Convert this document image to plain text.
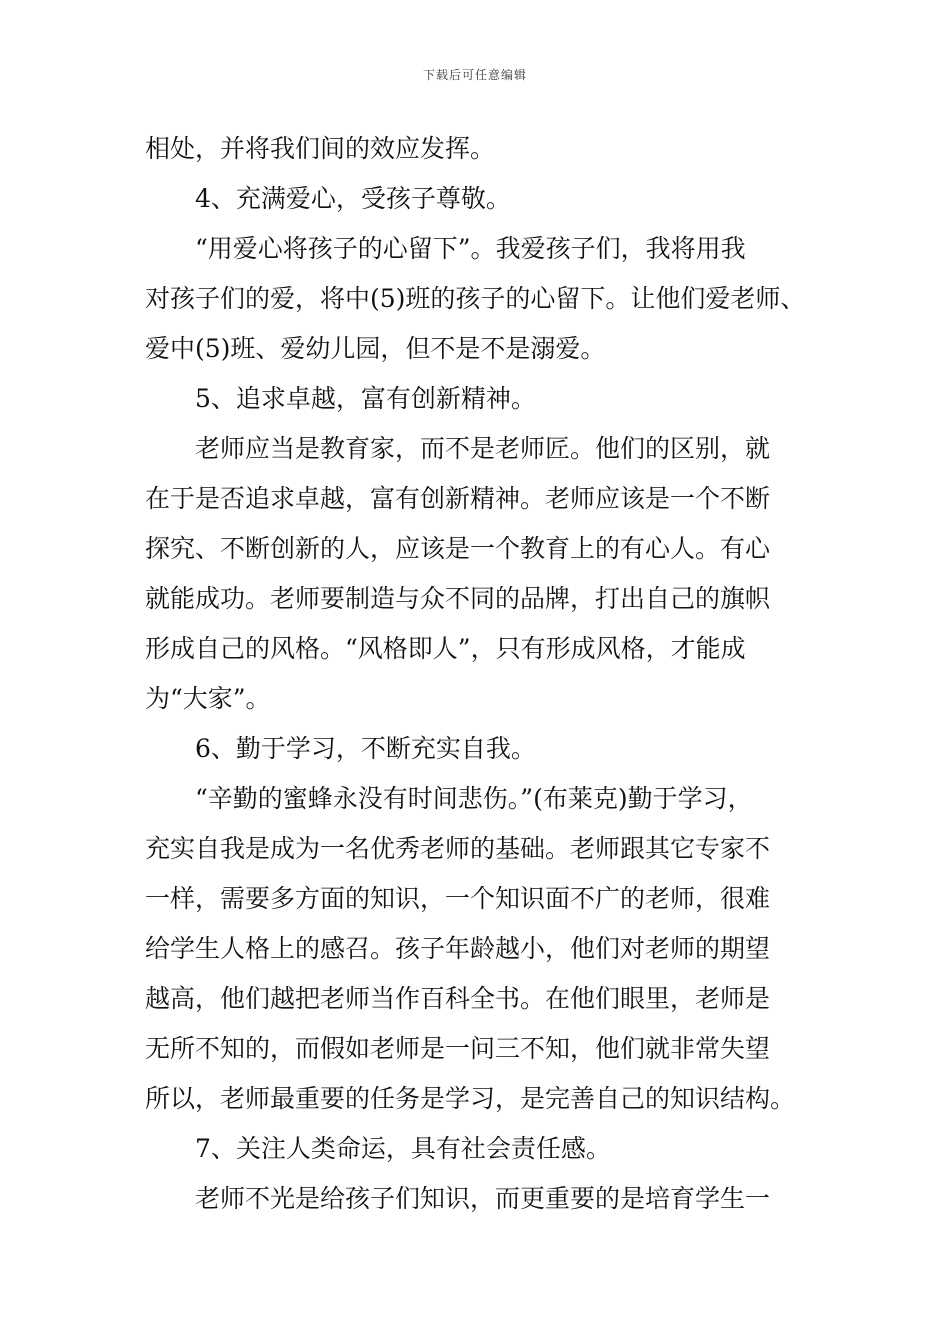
下载后可任意编辑
相处，并将我们间的效应发挥。
4、充满爱心，受孩子尊敬。
“用爱心将孩子的心留下”。我爱孩子们，我将用我
对孩子们的爱，将中(5)班的孩子的心留下。让他们爱老师、
爱中(5)班、爱幼儿园，但不是不是溺爱。
5、追求卓越，富有创新精神。
老师应当是教育家，而不是老师匠。他们的区别，就
在于是否追求卓越，富有创新精神。老师应该是一个不断
探究、不断创新的人，应该是一个教育上的有心人。有心
就能成功。老师要制造与众不同的品牌，打出自己的旗帜
形成自己的风格。“风格即人”，只有形成风格，才能成
为“大家”。
6、勤于学习，不断充实自我。
“辛勤的蜜蜂永没有时间悲伤。”(布莱克)勤于学习，
充实自我是成为一名优秀老师的基础。老师跟其它专家不
一样，需要多方面的知识，一个知识面不广的老师，很难
给学生人格上的感召。孩子年龄越小，他们对老师的期望
越高，他们越把老师当作百科全书。在他们眼里，老师是
无所不知的，而假如老师是一问三不知，他们就非常失望
所以，老师最重要的任务是学习，是完善自己的知识结构。
7、关注人类命运，具有社会责任感。
老师不光是给孩子们知识，而更重要的是培育学生一
